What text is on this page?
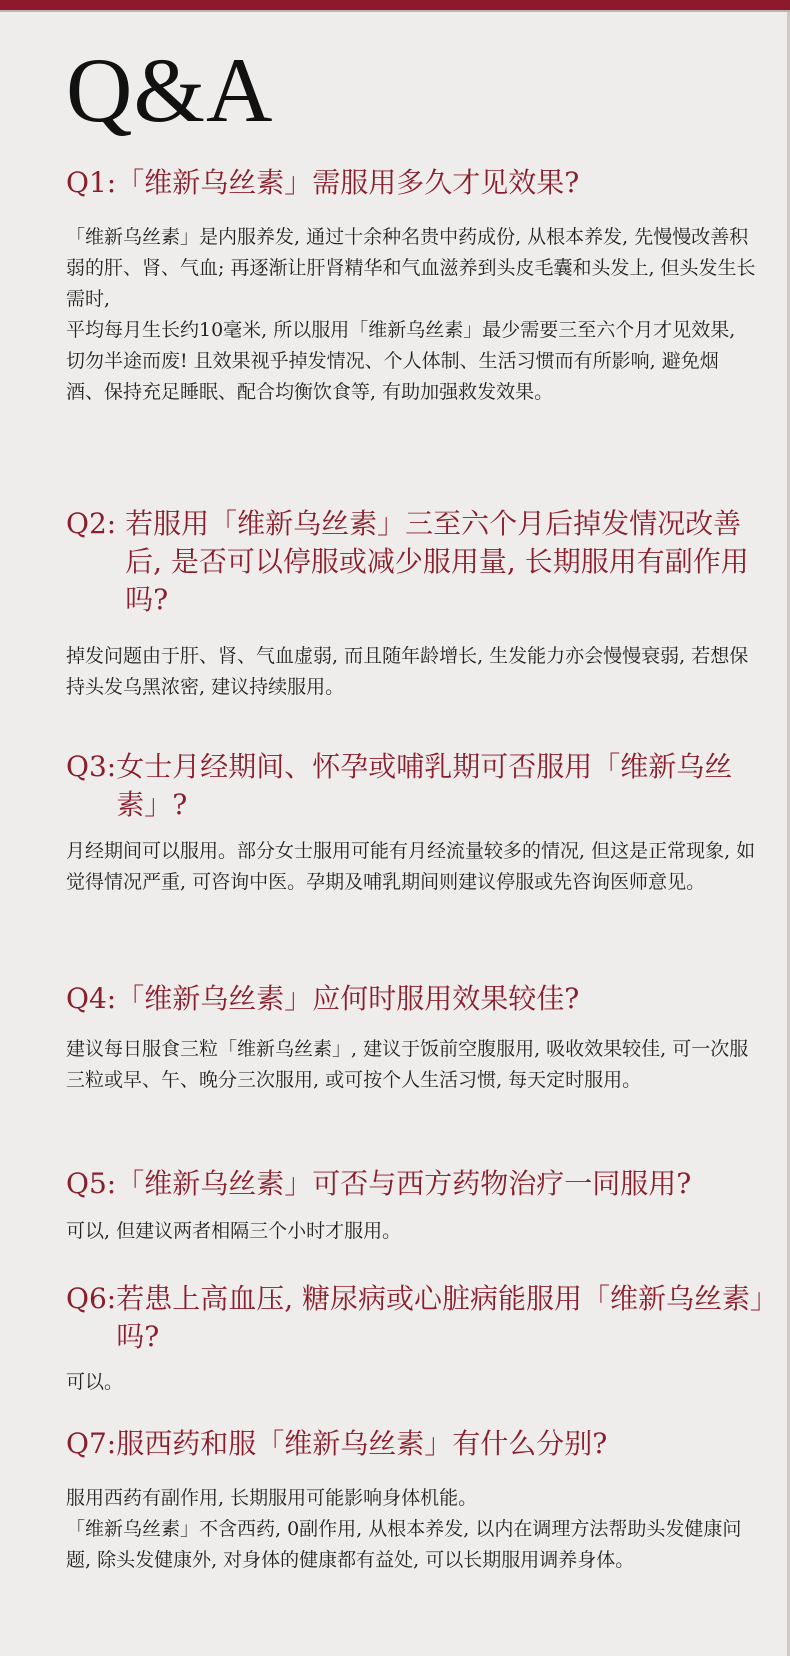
Q&A
Q1: 「维新乌丝素」需服用多久才见效果?

「维新乌丝素」是内服养发, 通过十余种名贵中药成份, 从根本养发, 先慢慢改善积弱的肝、肾、气血; 再逐渐让肝肾精华和气血滋养到头皮毛囊和头发上, 但头发生长需时,

平均每月生长约10毫米, 所以服用「维新乌丝素」最少需要三至六个月才见效果, 切勿半途而废! 且效果视乎掉发情况、个人体制、生活习惯而有所影响, 避免烟酒、保持充足睡眠、配合均衡饮食等, 有助加强救发效果。

Q2: 若服用「维新乌丝素」三至六个月后掉发情况改善后, 是否可以停服或减少服用量, 长期服用有副作用吗?

掉发问题由于肝、肾、气血虚弱, 而且随年龄增长, 生发能力亦会慢慢衰弱, 若想保持头发乌黑浓密, 建议持续服用。

Q3: 女士月经期间、怀孕或哺乳期可否服用「维新乌丝素」?

月经期间可以服用。部分女士服用可能有月经流量较多的情况, 但这是正常现象, 如觉得情况严重, 可咨询中医。孕期及哺乳期间则建议停服或先咨询医师意见。

Q4: 「维新乌丝素」应何时服用效果较佳?

建议每日服食三粒「维新乌丝素」, 建议于饭前空腹服用, 吸收效果较佳, 可一次服三粒或早、午、晚分三次服用, 或可按个人生活习惯, 每天定时服用。

Q5: 「维新乌丝素」可否与西方药物治疗一同服用?

可以, 但建议两者相隔三个小时才服用。

Q6: 若患上高血压, 糖尿病或心脏病能服用「维新乌丝素」吗?

可以。

Q7: 服西药和服「维新乌丝素」有什么分别?

服用西药有副作用, 长期服用可能影响身体机能。

「维新乌丝素」不含西药, 0副作用, 从根本养发, 以内在调理方法帮助头发健康问题, 除头发健康外, 对身体的健康都有益处, 可以长期服用调养身体。
